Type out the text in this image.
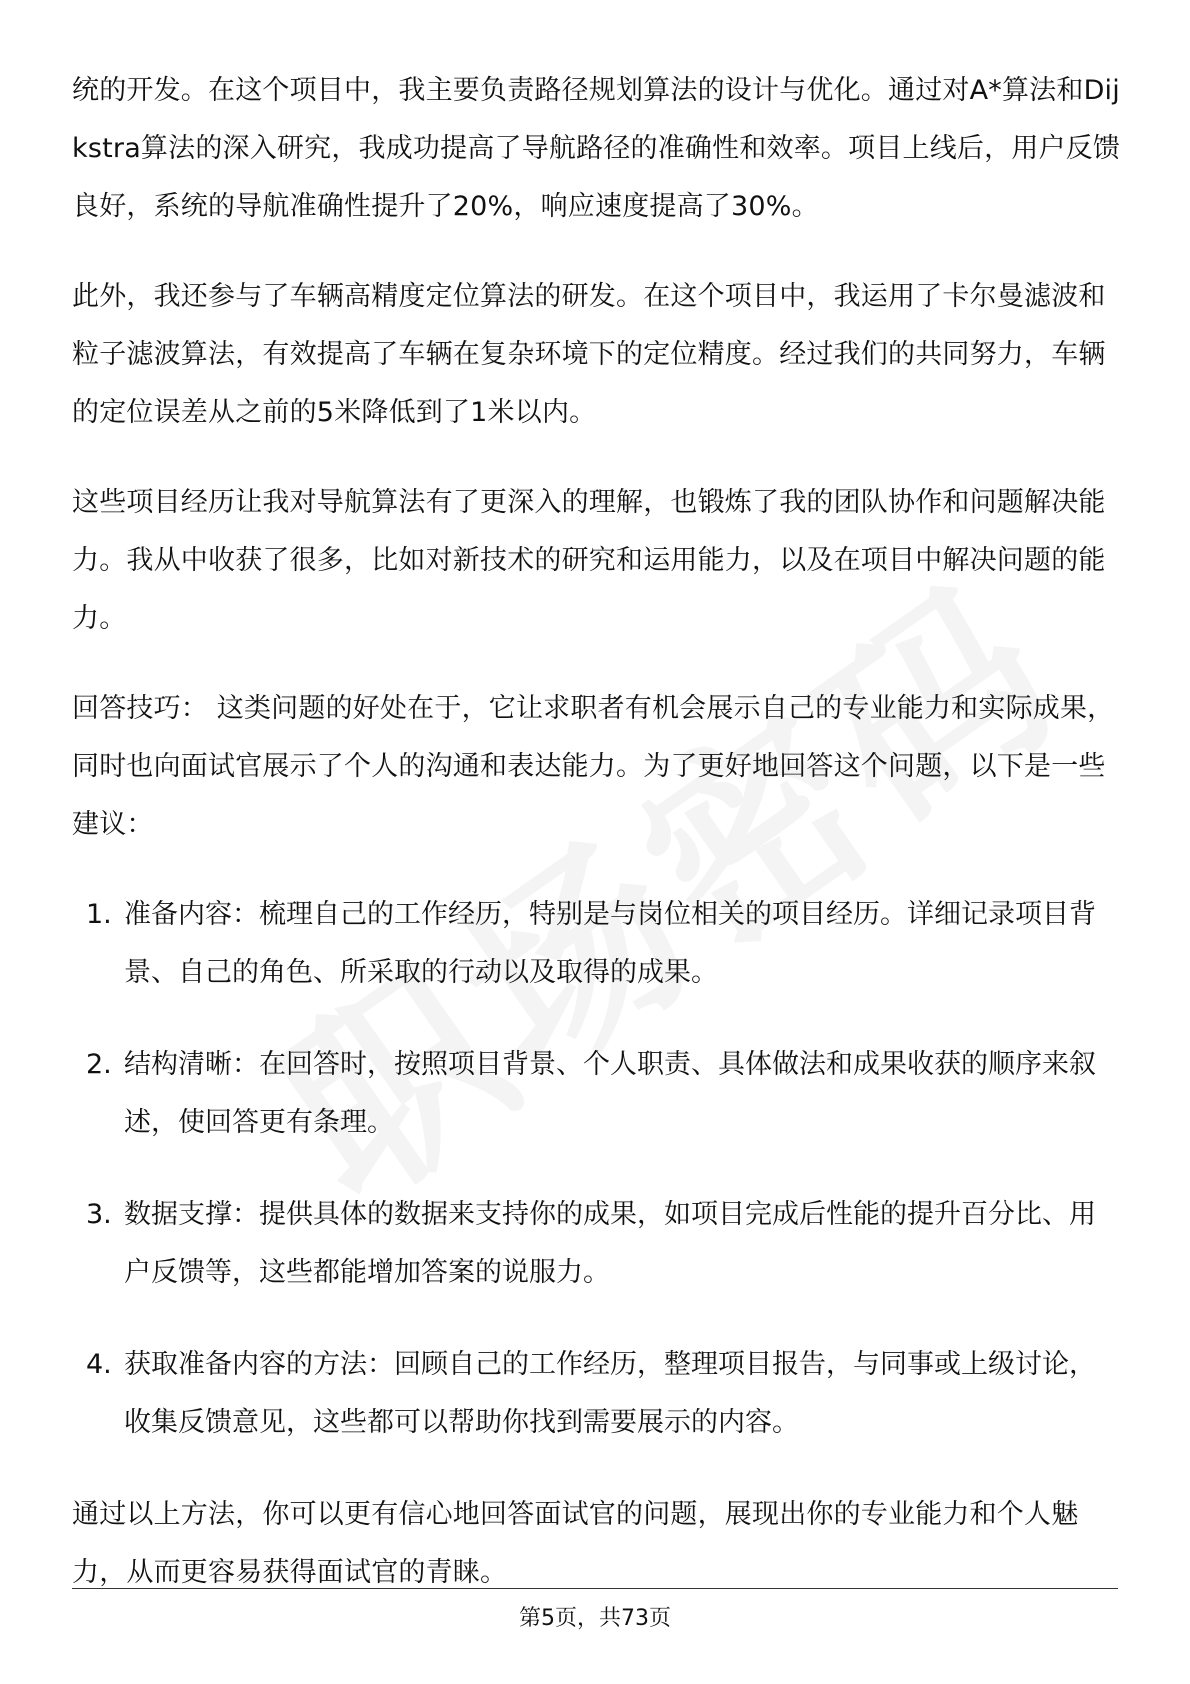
统的开发。在这个项目中，我主要负责路径规划算法的设计与优化。通过对A*算法和Dijkstra算法的深入研究，我成功提高了导航路径的准确性和效率。项目上线后，用户反馈良好，系统的导航准确性提升了20%，响应速度提高了30%。

此外，我还参与了车辆高精度定位算法的研发。在这个项目中，我运用了卡尔曼滤波和粒子滤波算法，有效提高了车辆在复杂环境下的定位精度。经过我们的共同努力，车辆的定位误差从之前的5米降低到了1米以内。

这些项目经历让我对导航算法有了更深入的理解，也锻炼了我的团队协作和问题解决能力。我从中收获了很多，比如对新技术的研究和运用能力，以及在项目中解决问题的能力。

回答技巧： 这类问题的好处在于，它让求职者有机会展示自己的专业能力和实际成果，同时也向面试官展示了个人的沟通和表达能力。为了更好地回答这个问题，以下是一些建议：

1. 准备内容：梳理自己的工作经历，特别是与岗位相关的项目经历。详细记录项目背景、自己的角色、所采取的行动以及取得的成果。
2. 结构清晰：在回答时，按照项目背景、个人职责、具体做法和成果收获的顺序来叙述，使回答更有条理。
3. 数据支撑：提供具体的数据来支持你的成果，如项目完成后性能的提升百分比、用户反馈等，这些都能增加答案的说服力。
4. 获取准备内容的方法：回顾自己的工作经历，整理项目报告，与同事或上级讨论，收集反馈意见，这些都可以帮助你找到需要展示的内容。

通过以上方法，你可以更有信心地回答面试官的问题，展现出你的专业能力和个人魅力，从而更容易获得面试官的青睐。

第5页，共73页
